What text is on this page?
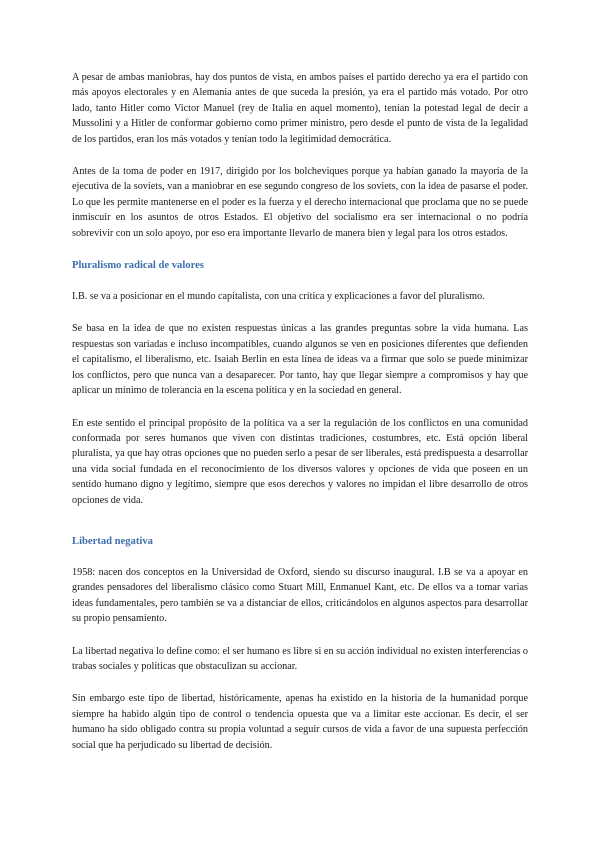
A pesar de ambas maniobras, hay dos puntos de vista, en ambos países el partido derecho ya era el partido con más apoyos electorales y en Alemania antes de que suceda la presión, ya era el partido más votado. Por otro lado, tanto Hitler como Victor Manuel (rey de Italia en aquel momento), tenían la potestad legal de decir a Mussolini y a Hitler de conformar gobierno como primer ministro, pero desde el punto de vista de la legalidad de los partidos, eran los más votados y tenían todo la legitimidad democrática.

Antes de la toma de poder en 1917, dirigido por los bolcheviques porque ya habían ganado la mayoría de la ejecutiva de la soviets, van a maniobrar en ese segundo congreso de los soviets, con la idea de pasarse el poder. Lo que les permite mantenerse en el poder es la fuerza y el derecho internacional que proclama que no se puede inmiscuir en los asuntos de otros Estados. El objetivo del socialismo era ser internacional o no podría sobrevivir con un solo apoyo, por eso era importante llevarlo de manera bien y legal para los otros estados.

Pluralismo radical de valores

I.B. se va a posicionar en el mundo capitalista, con una crítica y explicaciones a favor del pluralismo.

Se basa en la idea de que no existen respuestas únicas a las grandes preguntas sobre la vida humana. Las respuestas son variadas e incluso incompatibles, cuando algunos se ven en posiciones diferentes que defienden el capitalismo, el liberalismo, etc. Isaiah Berlin en esta línea de ideas va a firmar que solo se puede minimizar los conflictos, pero que nunca van a desaparecer. Por tanto, hay que llegar siempre a compromisos y hay que aplicar un mínimo de tolerancia en la escena política y en la sociedad en general.

En este sentido el principal propósito de la política va a ser la regulación de los conflictos en una comunidad conformada por seres humanos que viven con distintas tradiciones, costumbres, etc. Está opción liberal pluralista, ya que hay otras opciones que no pueden serlo a pesar de ser liberales, está predispuesta a desarrollar una vida social fundada en el reconocimiento de los diversos valores y opciones de vida que poseen en un sentido humano digno y legítimo, siempre que esos derechos y valores no impidan el libre desarrollo de otros opciones de vida.

Libertad negativa

1958: nacen dos conceptos en la Universidad de Oxford, siendo su discurso inaugural. I.B se va a apoyar en grandes pensadores del liberalismo clásico como Stuart Mill, Enmanuel Kant, etc. De ellos va a tomar varias ideas fundamentales, pero también se va a distanciar de ellos, criticándolos en algunos aspectos para desarrollar su propio pensamiento.

La libertad negativa lo define como: el ser humano es libre si en su acción individual no existen interferencias o trabas sociales y políticas que obstaculizan su accionar.

Sin embargo este tipo de libertad, históricamente, apenas ha existido en la historia de la humanidad porque siempre ha habido algún tipo de control o tendencia opuesta que va a limitar este accionar. Es decir, el ser humano ha sido obligado contra su propia voluntad a seguir cursos de vida a favor de una supuesta perfección social que ha perjudicado su libertad de decisión.
